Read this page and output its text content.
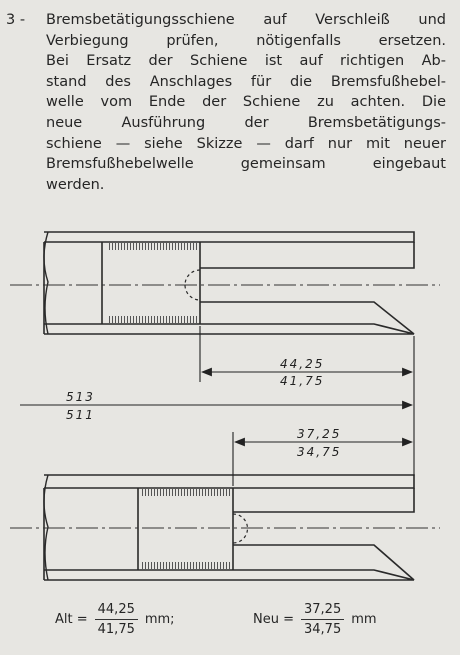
3 - Bremsbetätigungsschiene auf Verschleiß und
Verbiegung prüfen, nötigenfalls ersetzen.
Bei Ersatz der Schiene ist auf richtigen Ab-
stand des Anschlages für die Bremsfußhebel-
welle vom Ende der Schiene zu achten. Die
neue Ausführung der Bremsbetätigungs-
schiene — siehe Skizze — darf nur mit neuer
Bremsfußhebelwelle gemeinsam eingebaut
werden.
44,25
41,75
513
511
37,25
34,75
Alt = $\frac{44,25}{41,75}$ mm;	Neu = $\frac{37,25}{34,75}$ mm
